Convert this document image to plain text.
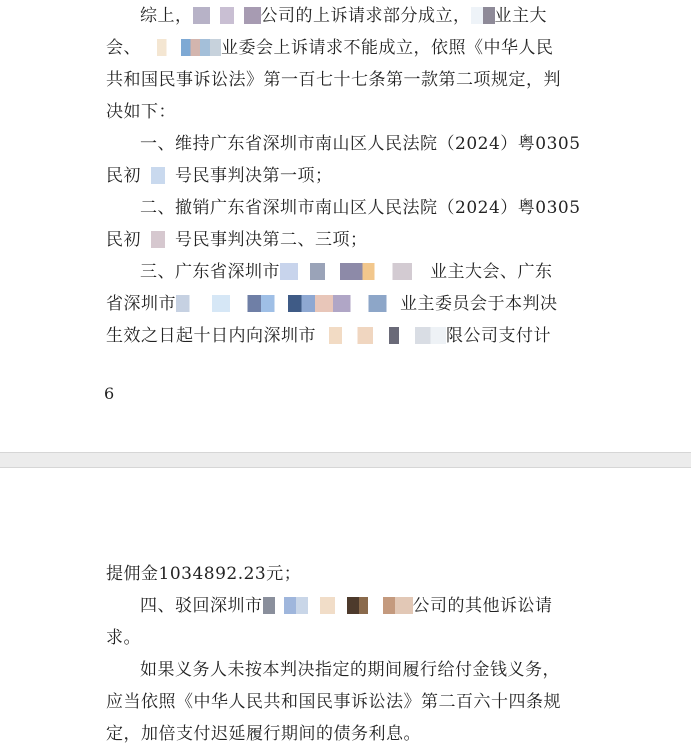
综上，	公司的上诉请求部分成立， 业主大
会、	业委会上诉请求不能成立，依照《中华人民
共和国民事诉讼法》第一百七十七条第一款第二项规定，判
决如下：
一、维持广东省深圳市南山区人民法院（2024）粤0305
民初 号民事判决第一项；
二、撤销广东省深圳市南山区人民法院（2024）粤0305
民初 号民事判决第二、三项；
三、广东省深圳市	业主大会、广东
省深圳市	业主委员会于本判决
生效之日起十日内向深圳市	限公司支付计
6
提佣金1034892.23元；
四、驳回深圳市	公司的其他诉讼请
求。
如果义务人未按本判决指定的期间履行给付金钱义务，
应当依照《中华人民共和国民事诉讼法》第二百六十四条规
定，加倍支付迟延履行期间的债务利息。
